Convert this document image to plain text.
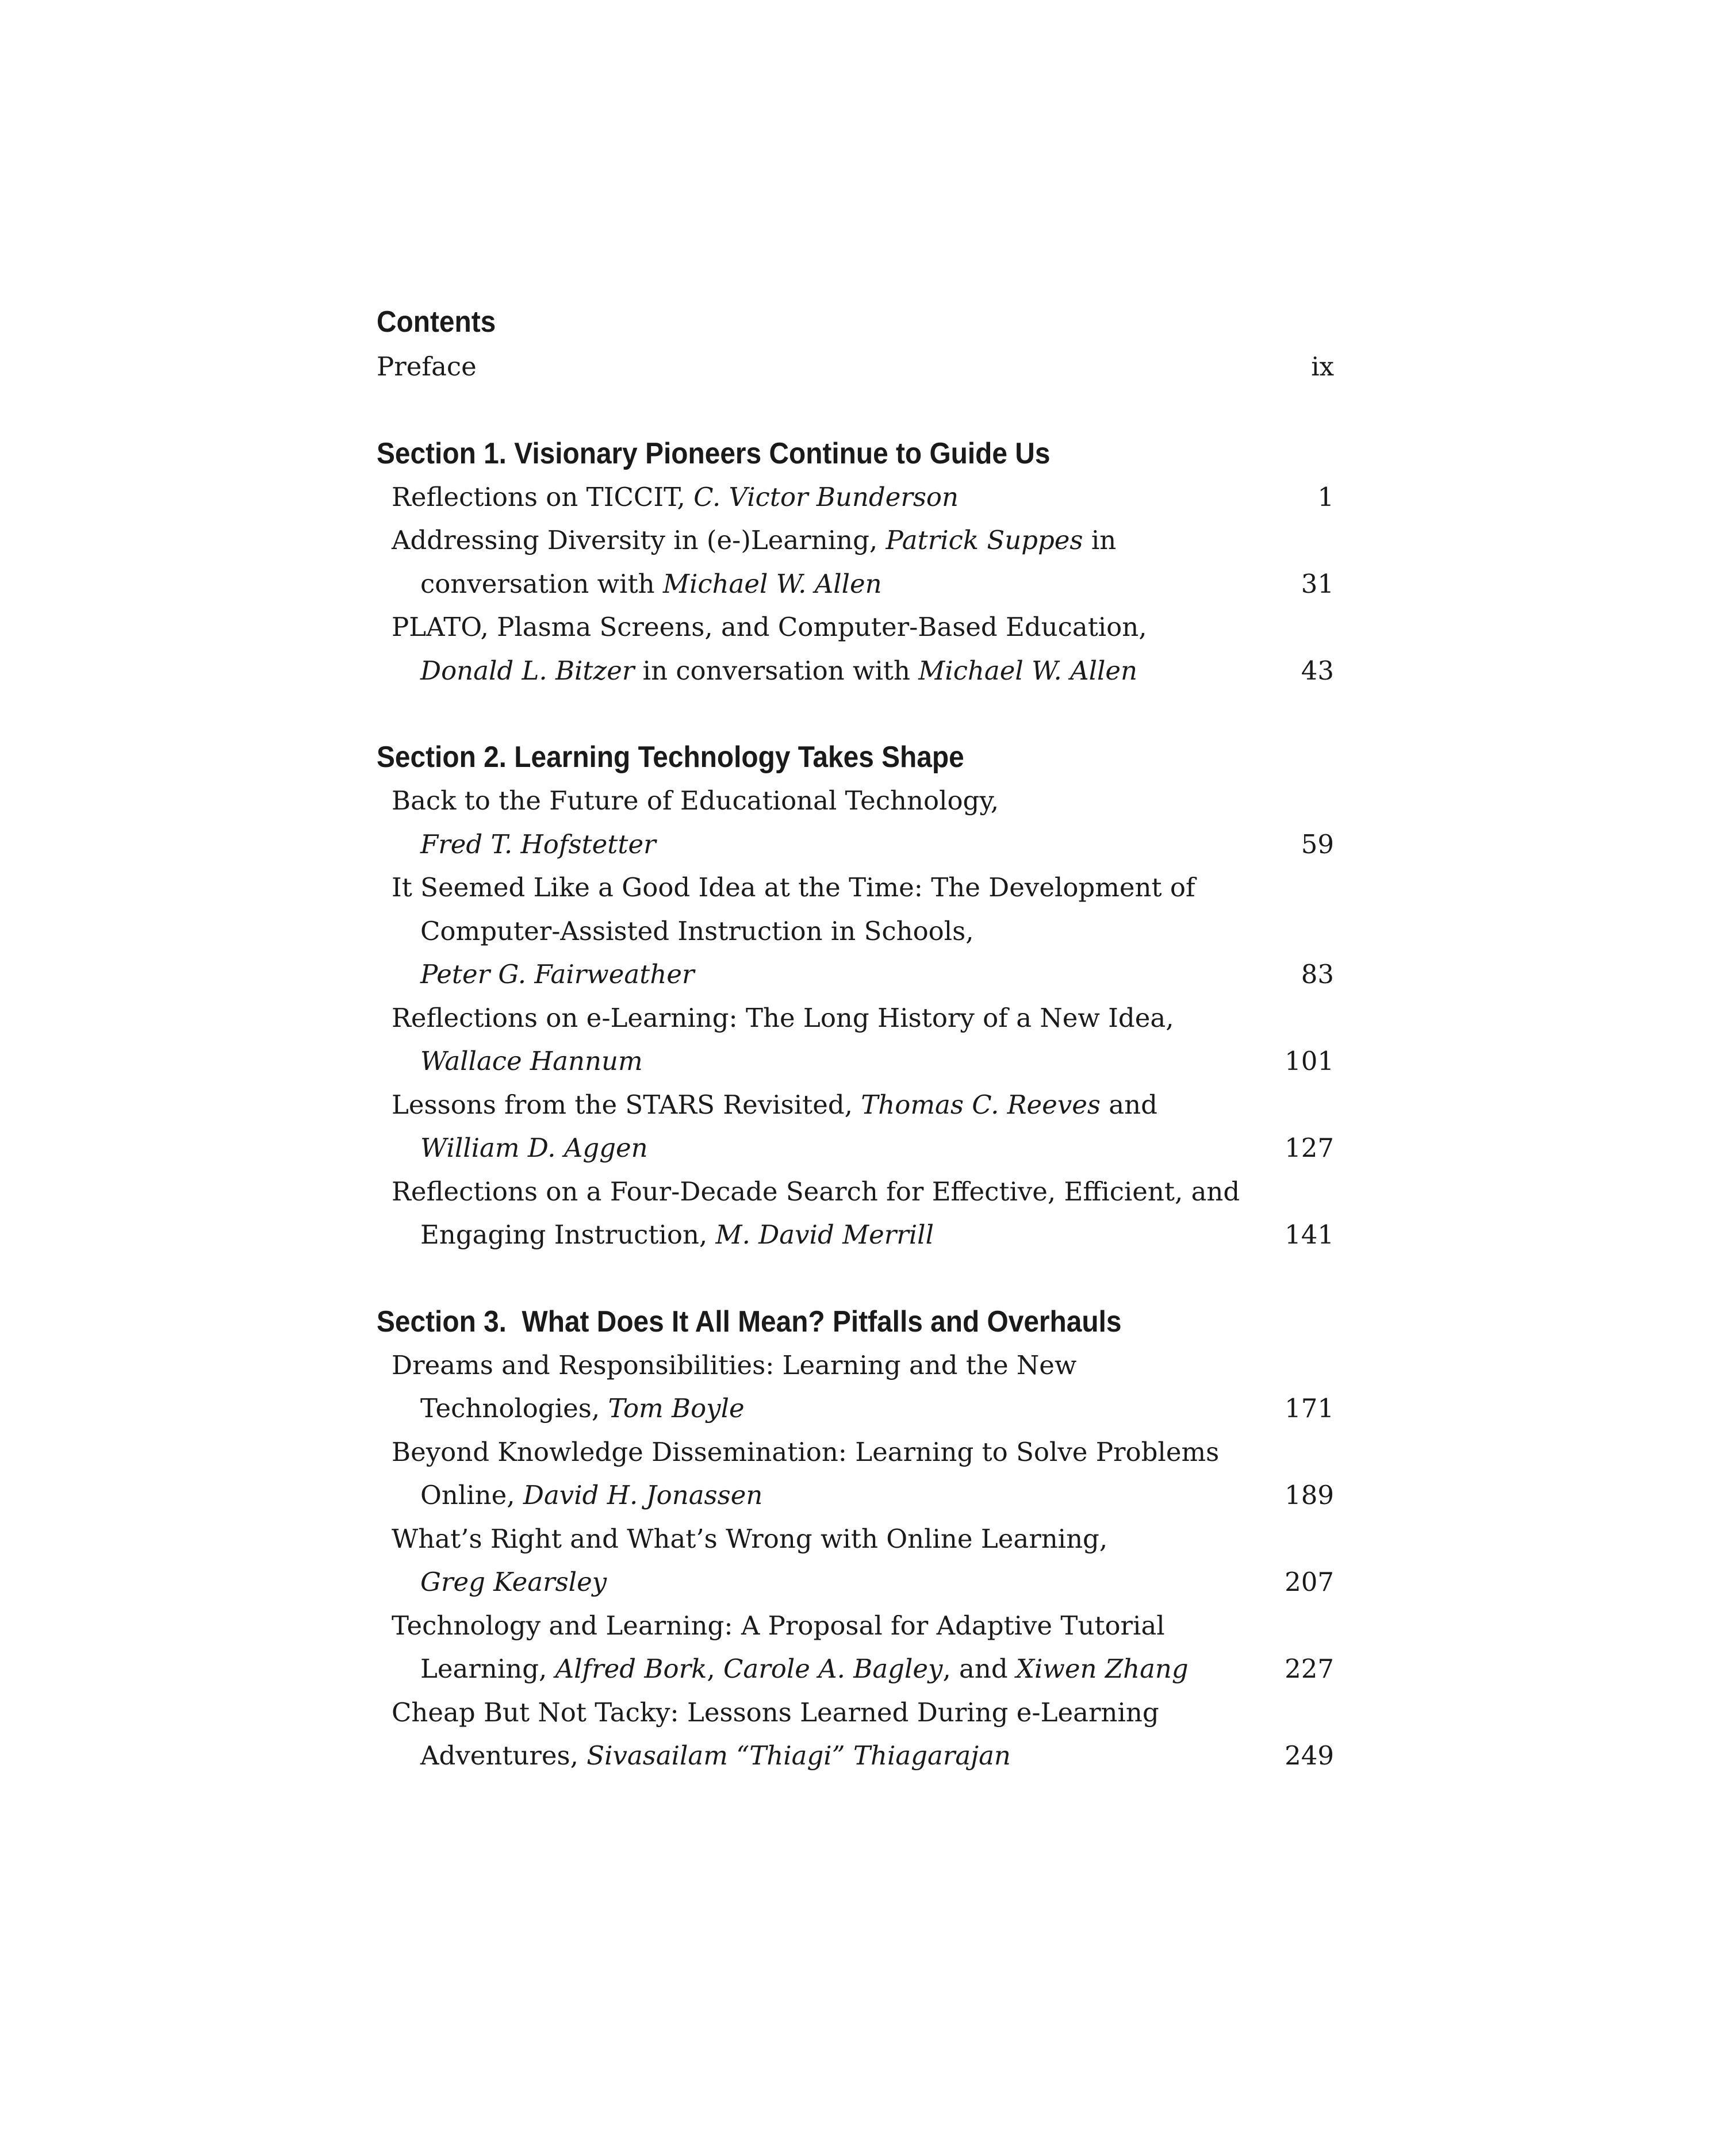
Contents
Preface	ix
Section 1. Visionary Pioneers Continue to Guide Us
Reflections on TICCIT, C. Victor Bunderson	1
Addressing Diversity in (e-)Learning, Patrick Suppes in
conversation with Michael W. Allen	31
PLATO, Plasma Screens, and Computer-Based Education,
Donald L. Bitzer in conversation with Michael W. Allen	43
Section 2. Learning Technology Takes Shape
Back to the Future of Educational Technology,
Fred T. Hofstetter	59
It Seemed Like a Good Idea at the Time: The Development of
Computer-Assisted Instruction in Schools,
Peter G. Fairweather	83
Reflections on e-Learning: The Long History of a New Idea,
Wallace Hannum	101
Lessons from the STARS Revisited, Thomas C. Reeves and
William D. Aggen	127
Reflections on a Four-Decade Search for Effective, Efficient, and
Engaging Instruction, M. David Merrill	141
Section 3.  What Does It All Mean? Pitfalls and Overhauls
Dreams and Responsibilities: Learning and the New
Technologies, Tom Boyle	171
Beyond Knowledge Dissemination: Learning to Solve Problems
Online, David H. Jonassen	189
What’s Right and What’s Wrong with Online Learning,
Greg Kearsley	207
Technology and Learning: A Proposal for Adaptive Tutorial
Learning, Alfred Bork, Carole A. Bagley, and Xiwen Zhang	227
Cheap But Not Tacky: Lessons Learned During e-Learning
Adventures, Sivasailam “Thiagi” Thiagarajan	249
